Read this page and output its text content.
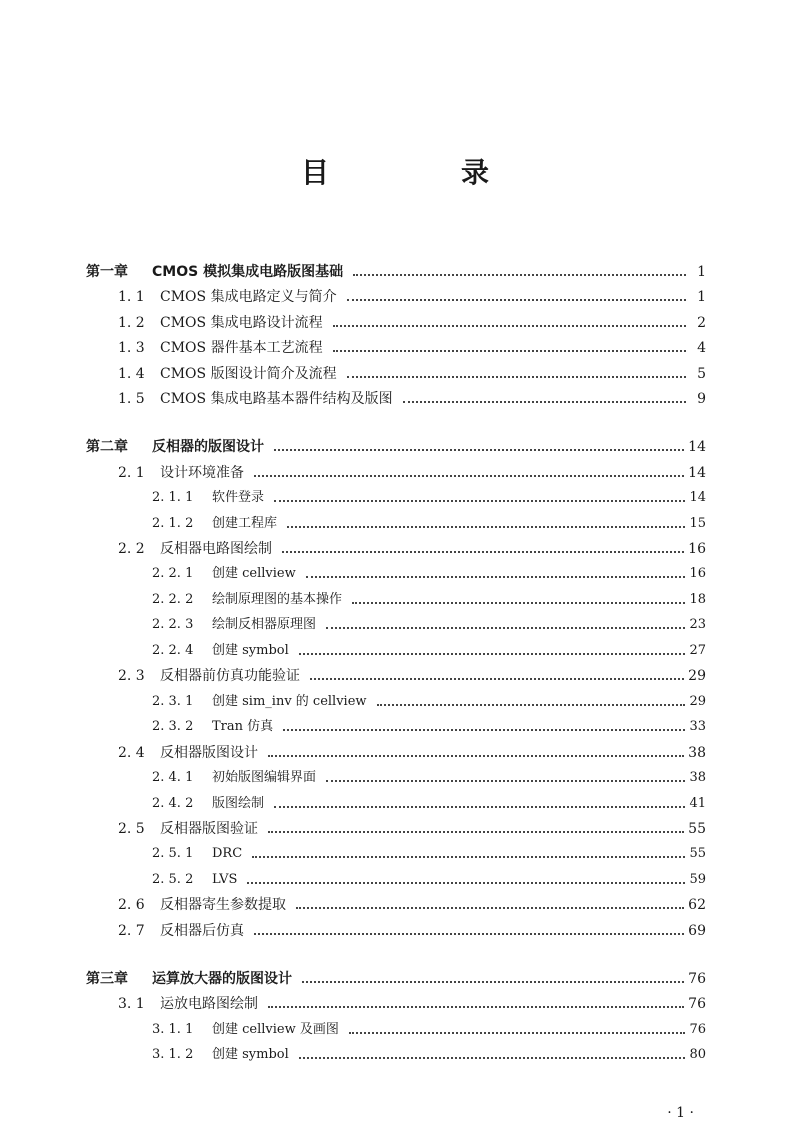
目　录
第一章	CMOS 模拟集成电路版图基础	1
1. 1	CMOS 集成电路定义与简介	1
1. 2	CMOS 集成电路设计流程	2
1. 3	CMOS 器件基本工艺流程	4
1. 4	CMOS 版图设计简介及流程	5
1. 5	CMOS 集成电路基本器件结构及版图	9
第二章	反相器的版图设计	14
2. 1	设计环境准备	14
2. 1. 1	软件登录	14
2. 1. 2	创建工程库	15
2. 2	反相器电路图绘制	16
2. 2. 1	创建 cellview	16
2. 2. 2	绘制原理图的基本操作	18
2. 2. 3	绘制反相器原理图	23
2. 2. 4	创建 symbol	27
2. 3	反相器前仿真功能验证	29
2. 3. 1	创建 sim_inv 的 cellview	29
2. 3. 2	Tran 仿真	33
2. 4	反相器版图设计	38
2. 4. 1	初始版图编辑界面	38
2. 4. 2	版图绘制	41
2. 5	反相器版图验证	55
2. 5. 1	DRC	55
2. 5. 2	LVS	59
2. 6	反相器寄生参数提取	62
2. 7	反相器后仿真	69
第三章	运算放大器的版图设计	76
3. 1	运放电路图绘制	76
3. 1. 1	创建 cellview 及画图	76
3. 1. 2	创建 symbol	80
· 1 ·
